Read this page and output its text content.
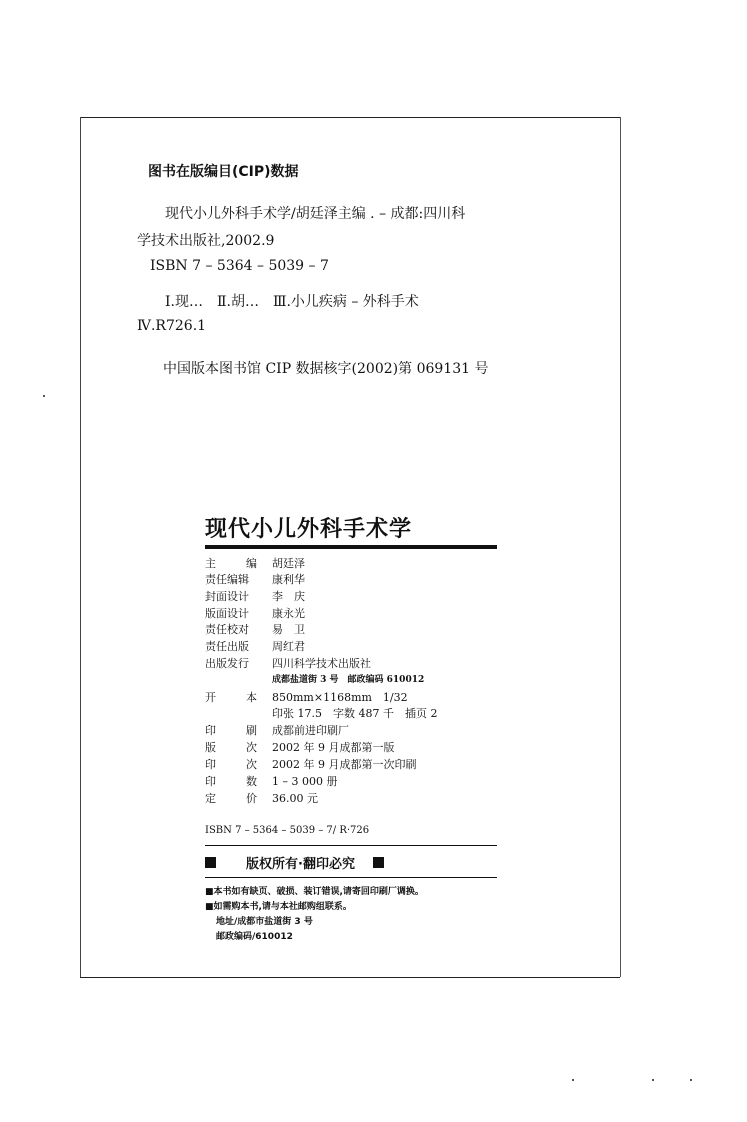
图书在版编目(CIP)数据
现代小儿外科手术学/胡廷泽主编 . – 成都:四川科
学技术出版社,2002.9
ISBN 7 – 5364 – 5039 – 7
Ⅰ.现…　Ⅱ.胡…　Ⅲ.小儿疾病 – 外科手术
Ⅳ.R726.1
中国版本图书馆 CIP 数据核字(2002)第 069131 号
现代小儿外科手术学
主	编 胡廷泽
责任编辑	康利华
封面设计	李　庆
版面设计	康永光
责任校对	易　卫
责任出版	周红君
出版发行	四川科学技术出版社
成都盐道街 3 号　邮政编码 610012
开	本 850mm×1168mm　1/32
印张 17.5　字数 487 千　插页 2
印	刷 成都前进印刷厂
版	次 2002 年 9 月成都第一版
印	次 2002 年 9 月成都第一次印刷
印	数 1 – 3 000 册
定	价 36.00 元
ISBN 7 – 5364 – 5039 – 7/ R·726
版权所有·翻印必究
■本书如有缺页、破损、装订错误,请寄回印刷厂调换。
■如需购本书,请与本社邮购组联系。
地址/成都市盐道街 3 号
邮政编码/610012
